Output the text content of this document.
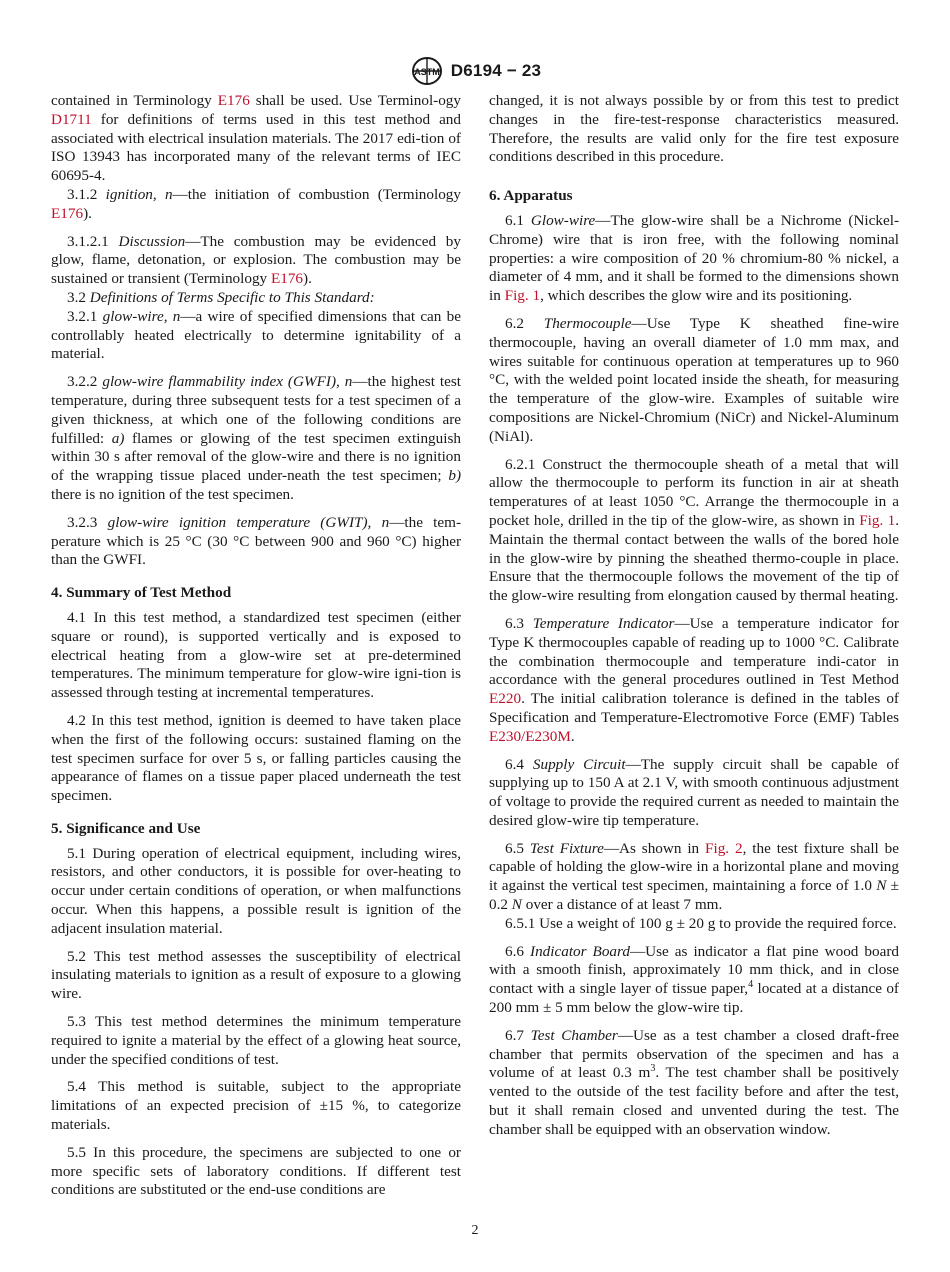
ASTM D6194 − 23

contained in Terminology E176 shall be used. Use Terminol-ogy D1711 for definitions of terms used in this test method and associated with electrical insulation materials. The 2017 edi-tion of ISO 13943 has incorporated many of the relevant terms of IEC 60695-4.

3.1.2 ignition, n—the initiation of combustion (Terminology E176).

3.1.2.1 Discussion—The combustion may be evidenced by glow, flame, detonation, or explosion. The combustion may be sustained or transient (Terminology E176).

3.2 Definitions of Terms Specific to This Standard:

3.2.1 glow-wire, n—a wire of specified dimensions that can be controllably heated electrically to determine ignitability of a material.

3.2.2 glow-wire flammability index (GWFI), n—the highest test temperature, during three subsequent tests for a test specimen of a given thickness, at which one of the following conditions are fulfilled: a) flames or glowing of the test specimen extinguish within 30 s after removal of the glow-wire and there is no ignition of the wrapping tissue placed under-neath the test specimen; b) there is no ignition of the test specimen.

3.2.3 glow-wire ignition temperature (GWIT), n—the tem-perature which is 25 °C (30 °C between 900 and 960 °C) higher than the GWFI.

4. Summary of Test Method

4.1 In this test method, a standardized test specimen (either square or round), is supported vertically and is exposed to electrical heating from a glow-wire set at pre-determined temperatures. The minimum temperature for glow-wire igni-tion is assessed through testing at incremental temperatures.

4.2 In this test method, ignition is deemed to have taken place when the first of the following occurs: sustained flaming on the test specimen surface for over 5 s, or falling particles causing the appearance of flames on a tissue paper placed underneath the test specimen.

5. Significance and Use

5.1 During operation of electrical equipment, including wires, resistors, and other conductors, it is possible for over-heating to occur under certain conditions of operation, or when malfunctions occur. When this happens, a possible result is ignition of the adjacent insulation material.

5.2 This test method assesses the susceptibility of electrical insulating materials to ignition as a result of exposure to a glowing wire.

5.3 This test method determines the minimum temperature required to ignite a material by the effect of a glowing heat source, under the specified conditions of test.

5.4 This method is suitable, subject to the appropriate limitations of an expected precision of ±15 %, to categorize materials.

5.5 In this procedure, the specimens are subjected to one or more specific sets of laboratory conditions. If different test conditions are substituted or the end-use conditions are

changed, it is not always possible by or from this test to predict changes in the fire-test-response characteristics measured. Therefore, the results are valid only for the fire test exposure conditions described in this procedure.

6. Apparatus

6.1 Glow-wire—The glow-wire shall be a Nichrome (Nickel-Chrome) wire that is iron free, with the following nominal properties: a wire composition of 20 % chromium-80 % nickel, a diameter of 4 mm, and it shall be formed to the dimensions shown in Fig. 1, which describes the glow wire and its positioning.

6.2 Thermocouple—Use Type K sheathed fine-wire thermocouple, having an overall diameter of 1.0 mm max, and wires suitable for continuous operation at temperatures up to 960 °C, with the welded point located inside the sheath, for measuring the temperature of the glow-wire. Examples of suitable wire compositions are Nickel-Chromium (NiCr) and Nickel-Aluminum (NiAl).

6.2.1 Construct the thermocouple sheath of a metal that will allow the thermocouple to perform its function in air at sheath temperatures of at least 1050 °C. Arrange the thermocouple in a pocket hole, drilled in the tip of the glow-wire, as shown in Fig. 1. Maintain the thermal contact between the walls of the bored hole in the glow-wire by pinning the sheathed thermo-couple in place. Ensure that the thermocouple follows the movement of the tip of the glow-wire resulting from elongation caused by thermal heating.

6.3 Temperature Indicator—Use a temperature indicator for Type K thermocouples capable of reading up to 1000 °C. Calibrate the combination thermocouple and temperature indi-cator in accordance with the general procedures outlined in Test Method E220. The initial calibration tolerance is defined in the tables of Specification and Temperature-Electromotive Force (EMF) Tables E230/E230M.

6.4 Supply Circuit—The supply circuit shall be capable of supplying up to 150 A at 2.1 V, with smooth continuous adjustment of voltage to provide the required current as needed to maintain the desired glow-wire tip temperature.

6.5 Test Fixture—As shown in Fig. 2, the test fixture shall be capable of holding the glow-wire in a horizontal plane and moving it against the vertical test specimen, maintaining a force of 1.0 N ± 0.2 N over a distance of at least 7 mm.

6.5.1 Use a weight of 100 g ± 20 g to provide the required force.

6.6 Indicator Board—Use as indicator a flat pine wood board with a smooth finish, approximately 10 mm thick, and in close contact with a single layer of tissue paper,$^4$ located at a distance of 200 mm ± 5 mm below the glow-wire tip.

6.7 Test Chamber—Use as a test chamber a closed draft-free chamber that permits observation of the specimen and has a volume of at least 0.3 $m^3$. The test chamber shall be positively vented to the outside of the test facility before and after the test, but it shall remain closed and unvented during the test. The chamber shall be equipped with an observation window.

2
